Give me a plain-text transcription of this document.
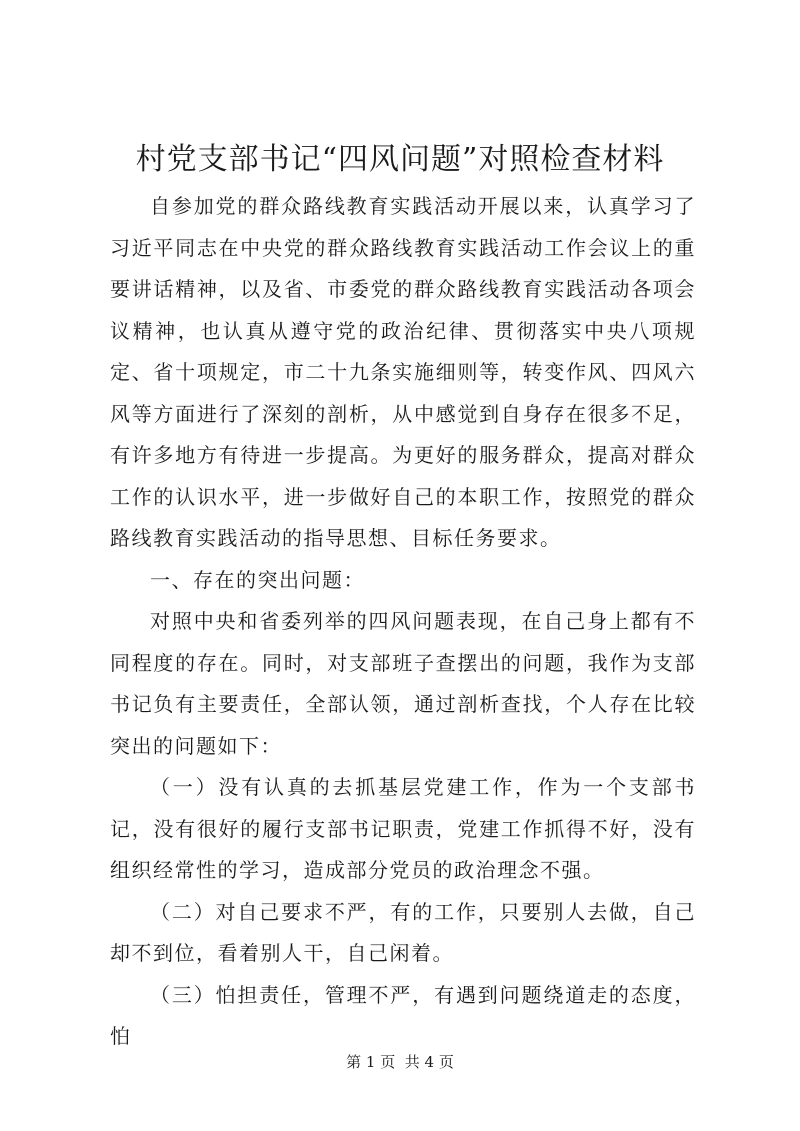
村党支部书记“四风问题”对照检查材料

自参加党的群众路线教育实践活动开展以来，认真学习了习近平同志在中央党的群众路线教育实践活动工作会议上的重要讲话精神，以及省、市委党的群众路线教育实践活动各项会议精神，也认真从遵守党的政治纪律、贯彻落实中央八项规定、省十项规定，市二十九条实施细则等，转变作风、四风六风等方面进行了深刻的剖析，从中感觉到自身存在很多不足，有许多地方有待进一步提高。为更好的服务群众，提高对群众工作的认识水平，进一步做好自己的本职工作，按照党的群众路线教育实践活动的指导思想、目标任务要求。

一、存在的突出问题：

对照中央和省委列举的四风问题表现，在自己身上都有不同程度的存在。同时，对支部班子查摆出的问题，我作为支部书记负有主要责任，全部认领，通过剖析查找，个人存在比较突出的问题如下：

（一）没有认真的去抓基层党建工作，作为一个支部书记，没有很好的履行支部书记职责，党建工作抓得不好，没有组织经常性的学习，造成部分党员的政治理念不强。

（二）对自己要求不严，有的工作，只要别人去做，自己却不到位，看着别人干，自己闲着。

（三）怕担责任，管理不严，有遇到问题绕道走的态度，怕

第 1 页  共 4 页
